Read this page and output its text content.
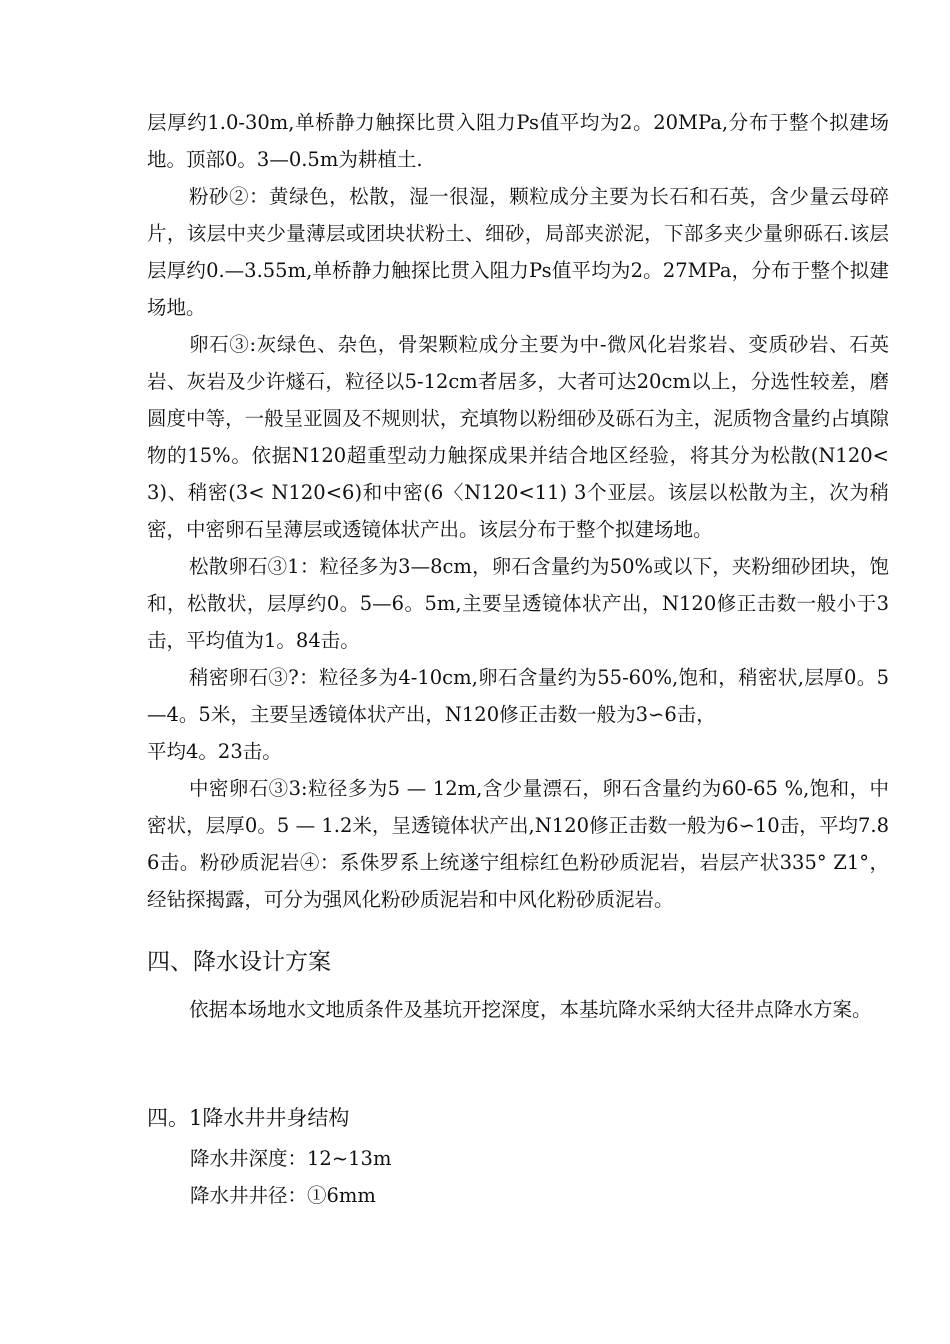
层厚约1.0-30m,单桥静力触探比贯入阻力Ps值平均为2。20MPa,分布于整个拟建场地。顶部0。3—0.5m为耕植土.

粉砂②：黄绿色，松散，湿一很湿，颗粒成分主要为长石和石英，含少量云母碎片，该层中夹少量薄层或团块状粉土、细砂，局部夹淤泥，下部多夹少量卵砾石.该层层厚约0.—3.55m,单桥静力触探比贯入阻力Ps值平均为2。27MPa，分布于整个拟建场地。

卵石③:灰绿色、杂色，骨架颗粒成分主要为中-微风化岩浆岩、变质砂岩、石英岩、灰岩及少许燧石，粒径以5-12cm者居多，大者可达20cm以上，分选性较差，磨圆度中等，一般呈亚圆及不规则状，充填物以粉细砂及砾石为主，泥质物含量约占填隙物的15%。依据N120超重型动力触探成果并结合地区经验，将其分为松散(N120<3)、稍密(3< N120<6)和中密(6〈N120<11) 3个亚层。该层以松散为主，次为稍密，中密卵石呈薄层或透镜体状产出。该层分布于整个拟建场地。

松散卵石③1：粒径多为3—8cm，卵石含量约为50%或以下，夹粉细砂团块，饱和，松散状，层厚约0。5—6。5m,主要呈透镜体状产出，N120修正击数一般小于3击，平均值为1。84击。

稍密卵石③?：粒径多为4-10cm,卵石含量约为55-60%,饱和，稍密状,层厚0。5—4。5米，主要呈透镜体状产出，N120修正击数一般为3∽6击，

平均4。23击。

中密卵石③3:粒径多为5 — 12m,含少量漂石，卵石含量约为60-65 %,饱和，中密状，层厚0。5 — 1.2米，呈透镜体状产出,N120修正击数一般为6∽10击，平均7.86击。粉砂质泥岩④：系侏罗系上统遂宁组棕红色粉砂质泥岩，岩层产状335° Z1°，经钻探揭露，可分为强风化粉砂质泥岩和中风化粉砂质泥岩。

四、降水设计方案

依据本场地水文地质条件及基坑开挖深度，本基坑降水采纳大径井点降水方案。

四。1降水井井身结构

降水井深度：12~13m

降水井井径：①6mm
